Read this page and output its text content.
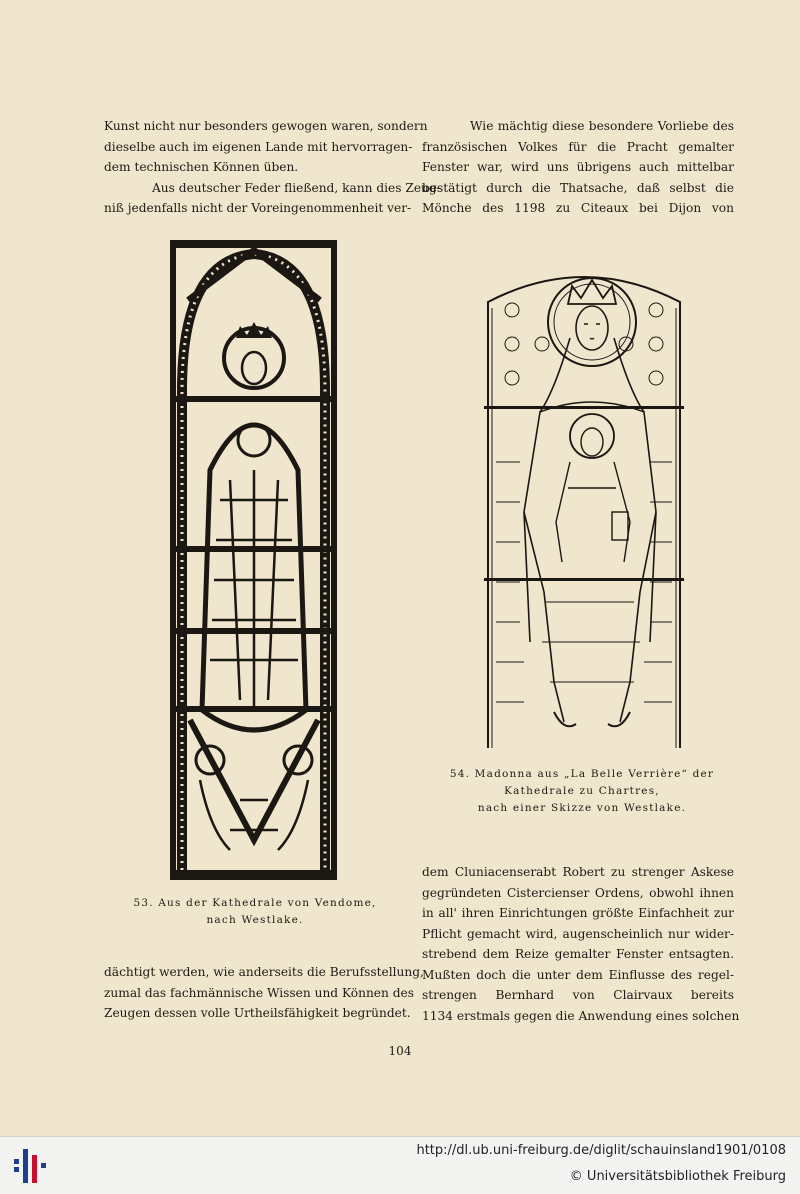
Kunst nicht nur besonders gewogen waren, sondern

dieselbe auch im eigenen Lande mit hervorragen-

dem technischen Können üben.

Aus deutscher Feder fließend, kann dies Zeug-

niß jedenfalls nicht der Voreingenommenheit ver-

Wie mächtig diese besondere Vorliebe des

französischen Volkes für die Pracht gemalter

Fenster war, wird uns übrigens auch mittelbar

bestätigt durch die Thatsache, daß selbst die

Mönche des 1198 zu Citeaux bei Dijon von

53. Aus der Kathedrale von Vendome,
nach Westlake.
54. Madonna aus „La Belle Verrière“ der
Kathedrale zu Chartres,
nach einer Skizze von Westlake.

dem Cluniacenserabt Robert zu strenger Askese

gegründeten Cistercienser Ordens, obwohl ihnen

in all' ihren Einrichtungen größte Einfachheit zur

Pflicht gemacht wird, augenscheinlich nur wider-

strebend dem Reize gemalter Fenster entsagten.

Mußten doch die unter dem Einflusse des regel-

strengen Bernhard von Clairvaux bereits

1134 erstmals gegen die Anwendung eines solchen

dächtigt werden, wie anderseits die Berufsstellung,

zumal das fachmännische Wissen und Können des

Zeugen dessen volle Urtheilsfähigkeit begründet.

104
http://dl.ub.uni-freiburg.de/diglit/schauinsland1901/0108
© Universitätsbibliothek Freiburg
